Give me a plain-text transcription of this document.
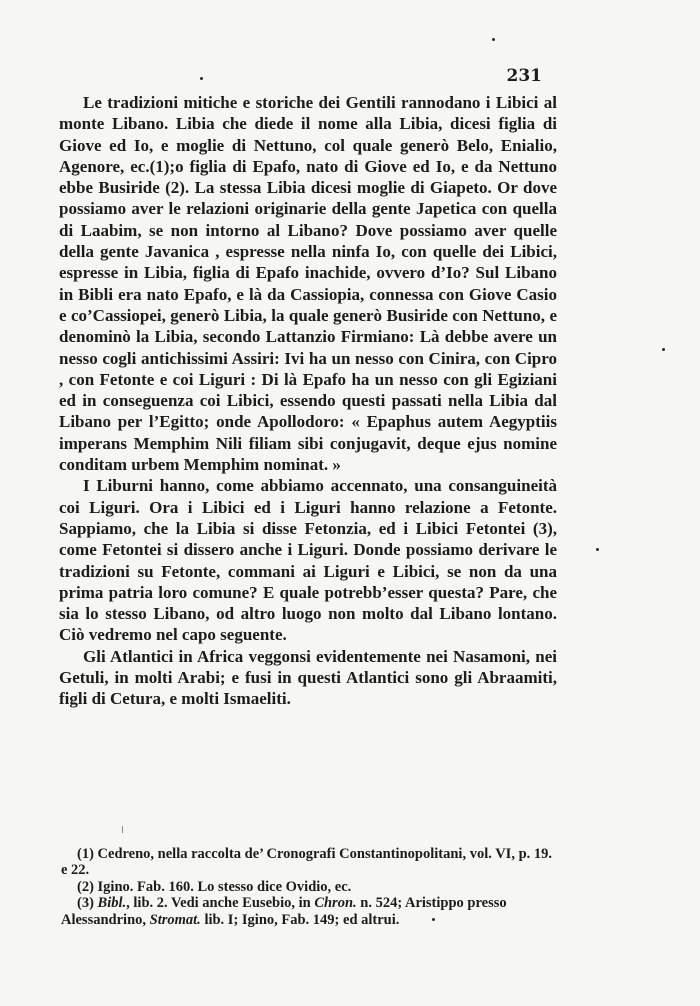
231

Le tradizioni mitiche e storiche dei Gentili rannodano i Libici al monte Libano. Libia che diede il nome alla Libia, dicesi figlia di Giove ed Io, e moglie di Nettuno, col quale generò Belo, Enialio, Agenore, ec.(1);o figlia di Epafo, nato di Giove ed Io, e da Nettuno ebbe Busiride (2). La stessa Libia dicesi moglie di Giapeto. Or dove possiamo aver le relazioni originarie della gente Japetica con quella di Laabim, se non intorno al Libano? Dove possiamo aver quelle della gente Javanica , espresse nella ninfa Io, con quelle dei Libici, espresse in Libia, figlia di Epafo inachide, ovvero d’Io? Sul Libano in Bibli era nato Epafo, e là da Cassiopia, connessa con Giove Casio e co’Cassiopei, generò Libia, la quale generò Busiride con Nettuno, e denominò la Libia, secondo Lattanzio Firmiano: Là debbe avere un nesso cogli antichissimi Assiri: Ivi ha un nesso con Cinira, con Cipro , con Fetonte e coi Liguri : Di là Epafo ha un nesso con gli Egiziani ed in conseguenza coi Libici, essendo questi passati nella Libia dal Libano per l’Egitto; onde Apollodoro: « Epaphus autem Aegyptiis imperans Memphim Nili filiam sibi conjugavit, deque ejus nomine conditam urbem Memphim nominat. »

I Liburni hanno, come abbiamo accennato, una consanguineità coi Liguri. Ora i Libici ed i Liguri hanno relazione a Fetonte. Sappiamo, che la Libia si disse Fetonzia, ed i Libici Fetontei (3), come Fetontei si dissero anche i Liguri. Donde possiamo derivare le tradizioni su Fetonte, commani ai Liguri e Libici, se non da una prima patria loro comune? E quale potrebb’esser questa? Pare, che sia lo stesso Libano, od altro luogo non molto dal Libano lontano. Ciò vedremo nel capo seguente.

Gli Atlantici in Africa veggonsi evidentemente nei Nasamoni, nei Getuli, in molti Arabi; e fusi in questi Atlantici sono gli Abraamiti, figli di Cetura, e molti Ismaeliti.

(1) Cedreno, nella raccolta de’ Cronografi Constantinopolitani, vol. VI, p. 19. e 22.

(2) Igino. Fab. 160. Lo stesso dice Ovidio, ec.

(3) Bibl., lib. 2. Vedi anche Eusebio, in Chron. n. 524; Aristippo presso Alessandrino, Stromat. lib. I; Igino, Fab. 149; ed altrui.
